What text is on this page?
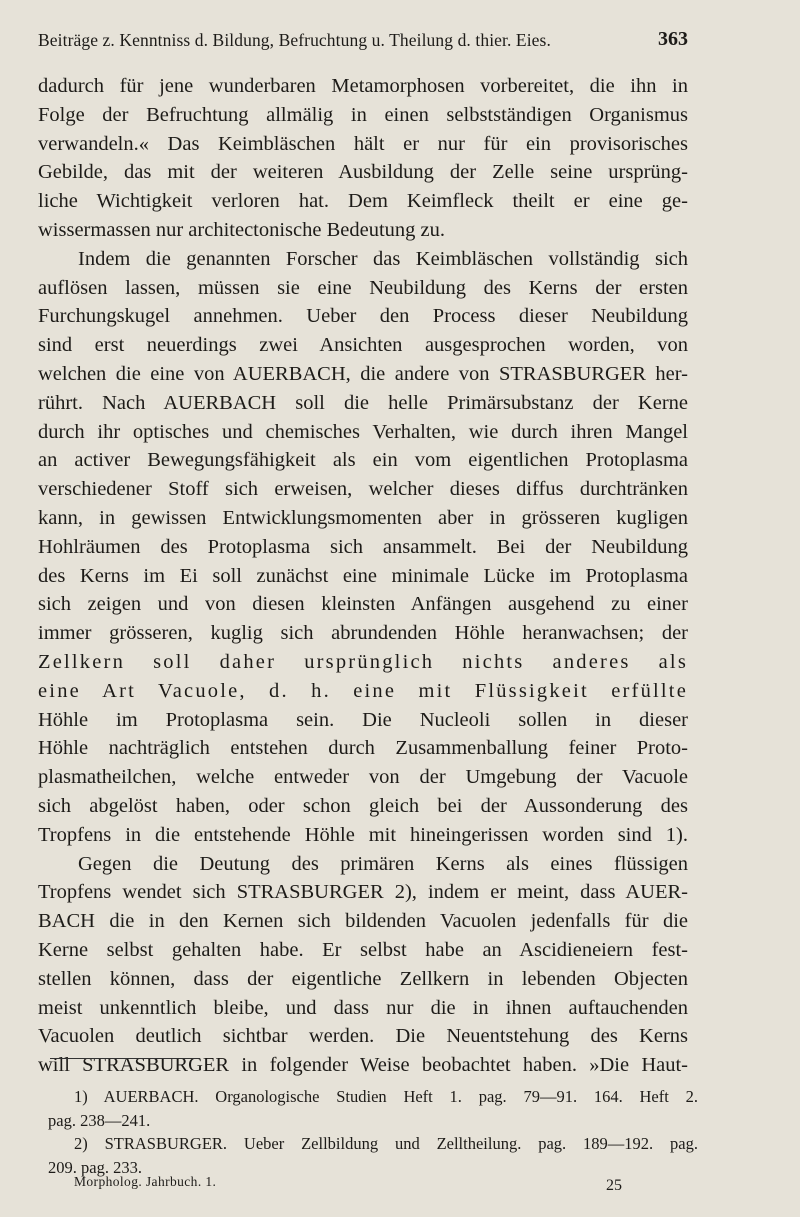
Beiträge z. Kenntniss d. Bildung, Befruchtung u. Theilung d. thier. Eies.	363
dadurch für jene wunderbaren Metamorphosen vorbereitet, die ihn in
Folge der Befruchtung allmälig in einen selbstständigen Organismus
verwandeln.« Das Keimbläschen hält er nur für ein provisorisches
Gebilde, das mit der weiteren Ausbildung der Zelle seine ursprüng-
liche Wichtigkeit verloren hat. Dem Keimfleck theilt er eine ge-
wissermassen nur architectonische Bedeutung zu.
Indem die genannten Forscher das Keimbläschen vollständig sich
auflösen lassen, müssen sie eine Neubildung des Kerns der ersten
Furchungskugel annehmen. Ueber den Process dieser Neubildung
sind erst neuerdings zwei Ansichten ausgesprochen worden, von
welchen die eine von AUERBACH, die andere von STRASBURGER her-
rührt. Nach AUERBACH soll die helle Primärsubstanz der Kerne
durch ihr optisches und chemisches Verhalten, wie durch ihren Mangel
an activer Bewegungsfähigkeit als ein vom eigentlichen Protoplasma
verschiedener Stoff sich erweisen, welcher dieses diffus durchtränken
kann, in gewissen Entwicklungsmomenten aber in grösseren kugligen
Hohlräumen des Protoplasma sich ansammelt. Bei der Neubildung
des Kerns im Ei soll zunächst eine minimale Lücke im Protoplasma
sich zeigen und von diesen kleinsten Anfängen ausgehend zu einer
immer grösseren, kuglig sich abrundenden Höhle heranwachsen; der
Zellkern soll daher ursprünglich nichts anderes als
eine Art Vacuole, d. h. eine mit Flüssigkeit erfüllte
Höhle im Protoplasma sein. Die Nucleoli sollen in dieser
Höhle nachträglich entstehen durch Zusammenballung feiner Proto-
plasmatheilchen, welche entweder von der Umgebung der Vacuole
sich abgelöst haben, oder schon gleich bei der Aussonderung des
Tropfens in die entstehende Höhle mit hineingerissen worden sind 1).
Gegen die Deutung des primären Kerns als eines flüssigen
Tropfens wendet sich STRASBURGER 2), indem er meint, dass AUER-
BACH die in den Kernen sich bildenden Vacuolen jedenfalls für die
Kerne selbst gehalten habe. Er selbst habe an Ascidieneiern fest-
stellen können, dass der eigentliche Zellkern in lebenden Objecten
meist unkenntlich bleibe, und dass nur die in ihnen auftauchenden
Vacuolen deutlich sichtbar werden. Die Neuentstehung des Kerns
will STRASBURGER in folgender Weise beobachtet haben. »Die Haut-
1) AUERBACH. Organologische Studien Heft 1. pag. 79—91. 164. Heft 2.
pag. 238—241.
2) STRASBURGER. Ueber Zellbildung und Zelltheilung. pag. 189—192. pag.
209. pag. 233.
Morpholog. Jahrbuch. 1.	25
